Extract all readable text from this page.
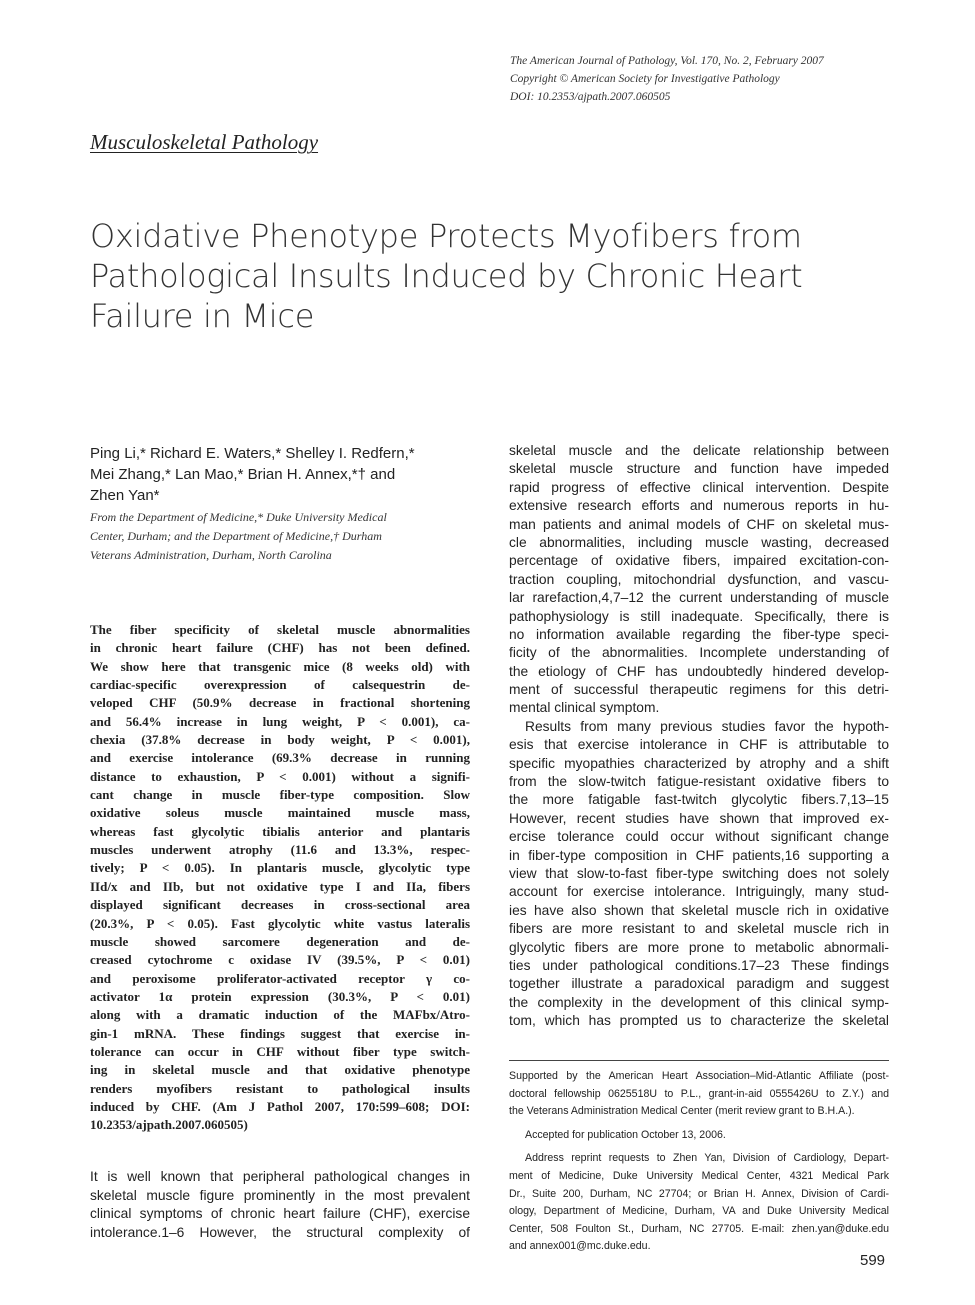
The American Journal of Pathology, Vol. 170, No. 2, February 2007
Copyright © American Society for Investigative Pathology
DOI: 10.2353/ajpath.2007.060505
Musculoskeletal Pathology
Oxidative Phenotype Protects Myofibers from
Pathological Insults Induced by Chronic Heart
Failure in Mice
Ping Li,* Richard E. Waters,* Shelley I. Redfern,*
Mei Zhang,* Lan Mao,* Brian H. Annex,*† and
Zhen Yan*
From the Department of Medicine,* Duke University Medical
Center, Durham; and the Department of Medicine,† Durham
Veterans Administration, Durham, North Carolina
The fiber specificity of skeletal muscle abnormalities
in chronic heart failure (CHF) has not been defined.
We show here that transgenic mice (8 weeks old) with
cardiac-specific overexpression of calsequestrin de-
veloped CHF (50.9% decrease in fractional shortening
and 56.4% increase in lung weight, P < 0.001), ca-
chexia (37.8% decrease in body weight, P < 0.001),
and exercise intolerance (69.3% decrease in running
distance to exhaustion, P < 0.001) without a signifi-
cant change in muscle fiber-type composition. Slow
oxidative soleus muscle maintained muscle mass,
whereas fast glycolytic tibialis anterior and plantaris
muscles underwent atrophy (11.6 and 13.3%, respec-
tively; P < 0.05). In plantaris muscle, glycolytic type
IId/x and IIb, but not oxidative type I and IIa, fibers
displayed significant decreases in cross-sectional area
(20.3%, P < 0.05). Fast glycolytic white vastus lateralis
muscle showed sarcomere degeneration and de-
creased cytochrome c oxidase IV (39.5%, P < 0.01)
and peroxisome proliferator-activated receptor γ co-
activator 1α protein expression (30.3%, P < 0.01)
along with a dramatic induction of the MAFbx/Atro-
gin-1 mRNA. These findings suggest that exercise in-
tolerance can occur in CHF without fiber type switch-
ing in skeletal muscle and that oxidative phenotype
renders myofibers resistant to pathological insults
induced by CHF. (Am J Pathol 2007, 170:599–608; DOI:
10.2353/ajpath.2007.060505)
It is well known that peripheral pathological changes in
skeletal muscle figure prominently in the most prevalent
clinical symptoms of chronic heart failure (CHF), exercise
intolerance.1–6 However, the structural complexity of
skeletal muscle and the delicate relationship between
skeletal muscle structure and function have impeded
rapid progress of effective clinical intervention. Despite
extensive research efforts and numerous reports in hu-
man patients and animal models of CHF on skeletal mus-
cle abnormalities, including muscle wasting, decreased
percentage of oxidative fibers, impaired excitation-con-
traction coupling, mitochondrial dysfunction, and vascu-
lar rarefaction,4,7–12 the current understanding of muscle
pathophysiology is still inadequate. Specifically, there is
no information available regarding the fiber-type speci-
ficity of the abnormalities. Incomplete understanding of
the etiology of CHF has undoubtedly hindered develop-
ment of successful therapeutic regimens for this detri-
mental clinical symptom.
Results from many previous studies favor the hypoth-
esis that exercise intolerance in CHF is attributable to
specific myopathies characterized by atrophy and a shift
from the slow-twitch fatigue-resistant oxidative fibers to
the more fatigable fast-twitch glycolytic fibers.7,13–15
However, recent studies have shown that improved ex-
ercise tolerance could occur without significant change
in fiber-type composition in CHF patients,16 supporting a
view that slow-to-fast fiber-type switching does not solely
account for exercise intolerance. Intriguingly, many stud-
ies have also shown that skeletal muscle rich in oxidative
fibers are more resistant to and skeletal muscle rich in
glycolytic fibers are more prone to metabolic abnormali-
ties under pathological conditions.17–23 These findings
together illustrate a paradoxical paradigm and suggest
the complexity in the development of this clinical symp-
tom, which has prompted us to characterize the skeletal
Supported by the American Heart Association–Mid-Atlantic Affiliate (post-
doctoral fellowship 0625518U to P.L., grant-in-aid 0555426U to Z.Y.) and
the Veterans Administration Medical Center (merit review grant to B.H.A.).
Accepted for publication October 13, 2006.
Address reprint requests to Zhen Yan, Division of Cardiology, Depart-
ment of Medicine, Duke University Medical Center, 4321 Medical Park
Dr., Suite 200, Durham, NC 27704; or Brian H. Annex, Division of Cardi-
ology, Department of Medicine, Durham, VA and Duke University Medical
Center, 508 Foulton St., Durham, NC 27705. E-mail: zhen.yan@duke.edu
and annex001@mc.duke.edu.
599
